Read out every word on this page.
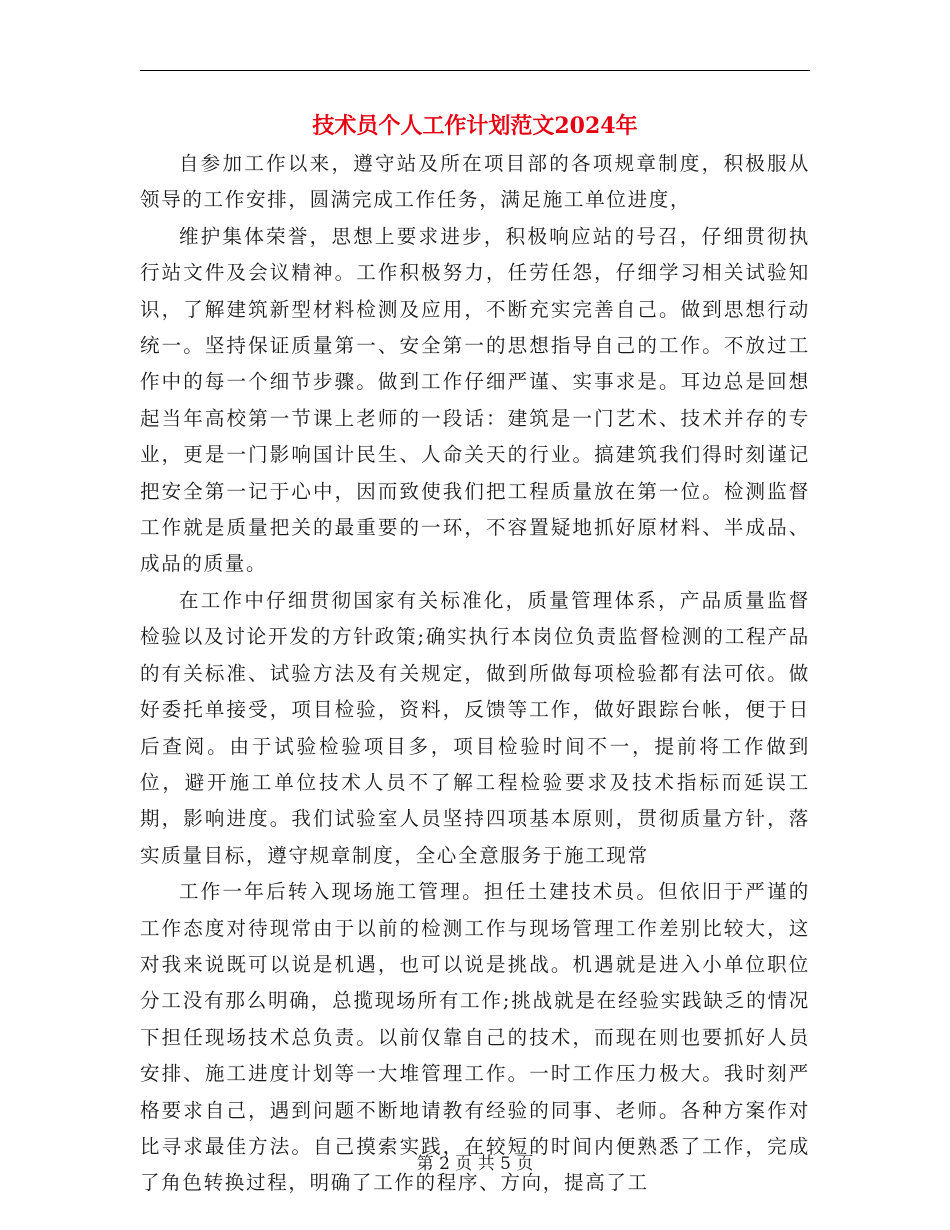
技术员个人工作计划范文2024年

自参加工作以来，遵守站及所在项目部的各项规章制度，积极服从领导的工作安排，圆满完成工作任务，满足施工单位进度，

维护集体荣誉，思想上要求进步，积极响应站的号召，仔细贯彻执行站文件及会议精神。工作积极努力，任劳任怨，仔细学习相关试验知识，了解建筑新型材料检测及应用，不断充实完善自己。做到思想行动统一。坚持保证质量第一、安全第一的思想指导自己的工作。不放过工作中的每一个细节步骤。做到工作仔细严谨、实事求是。耳边总是回想起当年高校第一节课上老师的一段话：建筑是一门艺术、技术并存的专业，更是一门影响国计民生、人命关天的行业。搞建筑我们得时刻谨记把安全第一记于心中，因而致使我们把工程质量放在第一位。检测监督工作就是质量把关的最重要的一环，不容置疑地抓好原材料、半成品、成品的质量。

在工作中仔细贯彻国家有关标准化，质量管理体系，产品质量监督检验以及讨论开发的方针政策;确实执行本岗位负责监督检测的工程产品的有关标准、试验方法及有关规定，做到所做每项检验都有法可依。做好委托单接受，项目检验，资料，反馈等工作，做好跟踪台帐，便于日后查阅。由于试验检验项目多，项目检验时间不一，提前将工作做到位，避开施工单位技术人员不了解工程检验要求及技术指标而延误工期，影响进度。我们试验室人员坚持四项基本原则，贯彻质量方针，落实质量目标，遵守规章制度，全心全意服务于施工现常

工作一年后转入现场施工管理。担任土建技术员。但依旧于严谨的工作态度对待现常由于以前的检测工作与现场管理工作差别比较大，这对我来说既可以说是机遇，也可以说是挑战。机遇就是进入小单位职位分工没有那么明确，总揽现场所有工作;挑战就是在经验实践缺乏的情况下担任现场技术总负责。以前仅靠自己的技术，而现在则也要抓好人员安排、施工进度计划等一大堆管理工作。一时工作压力极大。我时刻严格要求自己，遇到问题不断地请教有经验的同事、老师。各种方案作对比寻求最佳方法。自己摸索实践，在较短的时间内便熟悉了工作，完成了角色转换过程，明确了工作的程序、方向，提高了工

第 2 页 共 5 页
